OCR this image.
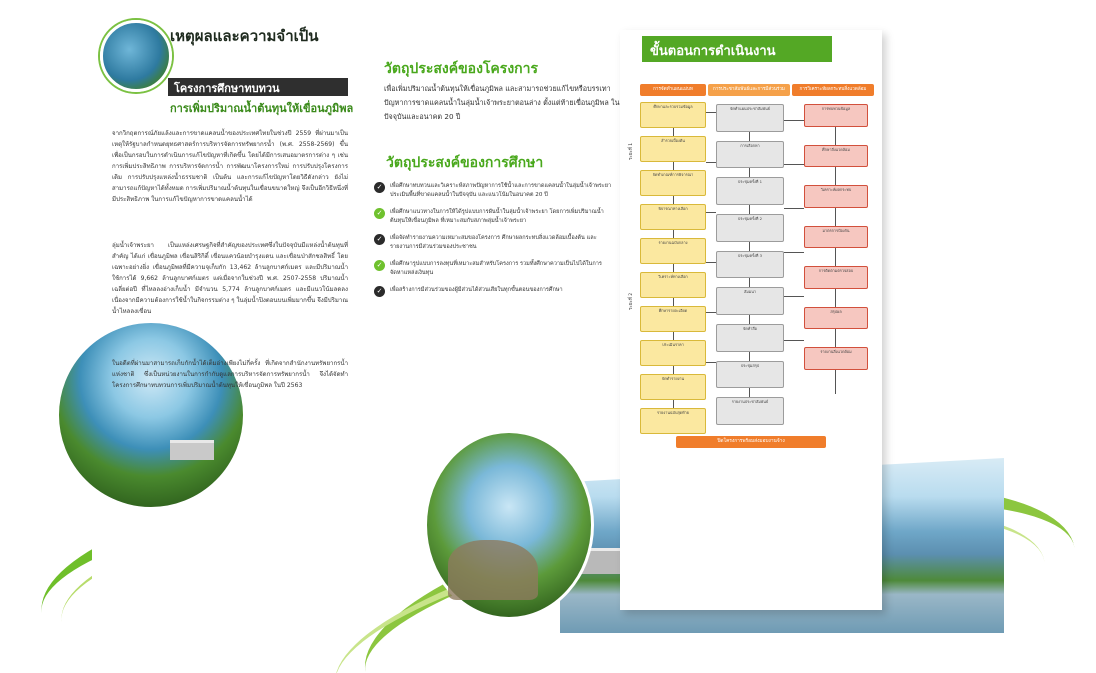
เหตุผลและความจำเป็น
โครงการศึกษาทบทวน
การเพิ่มปริมาณน้ำต้นทุนให้เขื่อนภูมิพล

จากวิกฤตการณ์ภัยแล้งและการขาดแคลนน้ำของประเทศไทยในช่วงปี 2559 ที่ผ่านมาเป็นเหตุให้รัฐบาลกำหนดยุทธศาสตร์การบริหารจัดการทรัพยากรน้ำ (พ.ศ. 2558-2569) ขึ้น เพื่อเป็นกรอบในการดำเนินการแก้ไขปัญหาที่เกิดขึ้น โดยได้มีการเสนอมาตรการต่าง ๆ เช่น การเพิ่มประสิทธิภาพ การบริหารจัดการน้ำ การพัฒนาโครงการใหม่ การปรับปรุงโครงการเดิม การปรับปรุงแหล่งน้ำธรรมชาติ เป็นต้น และการแก้ไขปัญหาโดยวิธีดังกล่าว ยังไม่สามารถแก้ปัญหาได้ทั้งหมด การเพิ่มปริมาณน้ำต้นทุนในเขื่อนขนาดใหญ่ จึงเป็นอีกวิธีหนึ่งที่มีประสิทธิภาพ ในการแก้ไขปัญหาการขาดแคลนน้ำได้

ลุ่มน้ำเจ้าพระยา เป็นแหล่งเศรษฐกิจที่สำคัญของประเทศซึ่งในปัจจุบันมีแหล่งน้ำต้นทุนที่สำคัญ ได้แก่ เขื่อนภูมิพล เขื่อนสิริกิติ์ เขื่อนแควน้อยบำรุงแดน และเขื่อนป่าสักชลสิทธิ์ โดยเฉพาะอย่างยิ่ง เขื่อนภูมิพลที่มีความจุเก็บกัก 13,462 ล้านลูกบาศก์เมตร และมีปริมาณน้ำใช้การได้ 9,662 ล้านลูกบาศก์เมตร แต่เมื่อจากในช่วงปี พ.ศ. 2507-2558 ปริมาณน้ำเฉลี่ยต่อปี ที่ไหลลงอ่างเก็บน้ำ มีจำนวน 5,774 ล้านลูกบาศก์เมตร และมีแนวโน้มลดลง เนื่องจากมีความต้องการใช้น้ำในกิจกรรมต่าง ๆ ในลุ่มน้ำปิงตอนบนเพิ่มมากขึ้น จึงมีปริมาณน้ำไหลลงเขื่อน

ในอดีตที่ผ่านมาสามารถเก็บกักน้ำได้เต็มอ่างเพียงไม่กี่ครั้ง ที่เกิดจากสำนักงานทรัพยากรน้ำแห่งชาติ ซึ่งเป็นหน่วยงานในการกำกับดูแลการบริหารจัดการทรัพยากรน้ำ จึงได้จัดทำโครงการศึกษาทบทวนการเพิ่มปริมาณน้ำต้นทุนให้เขื่อนภูมิพล ในปี 2563

วัตถุประสงค์ของโครงการ

เพื่อเพิ่มปริมาณน้ำต้นทุนให้เขื่อนภูมิพล และสามารถช่วยแก้ไขหรือบรรเทาปัญหาการขาดแคลนน้ำในลุ่มน้ำเจ้าพระยาตอนล่าง ตั้งแต่ท้ายเขื่อนภูมิพล ในปัจจุบันและอนาคต 20 ปี

วัตถุประสงค์ของการศึกษา
✓	เพื่อศึกษาทบทวนและวิเคราะห์สภาพปัญหาการใช้น้ำและการขาดแคลนน้ำในลุ่มน้ำเจ้าพระยา ประเมินพื้นที่ขาดแคลนน้ำในปัจจุบัน และแนวโน้มในอนาคต 20 ปี
✓	เพื่อศึกษาแนวทางในการให้ได้รูปแบบการผันน้ำในลุ่มน้ำเจ้าพระยา โดยการเพิ่มปริมาณน้ำต้นทุนให้เขื่อนภูมิพล ที่เหมาะสมกับสภาพลุ่มน้ำเจ้าพระยา
✓	เพื่อจัดทำรายงานความเหมาะสมของโครงการ ศึกษาผลกระทบสิ่งแวดล้อมเบื้องต้น และรายงานการมีส่วนร่วมของประชาชน
✓	เพื่อศึกษารูปแบบการลงทุนที่เหมาะสมสำหรับโครงการ รวมทั้งศึกษาความเป็นไปได้ในการจัดหาแหล่งเงินทุน
✓	เพื่อสร้างการมีส่วนร่วมของผู้มีส่วนได้ส่วนเสียในทุกขั้นตอนของการศึกษา
ขั้นตอนการดำเนินงาน
การจัดทำแผนแม่บท	การประชาสัมพันธ์และการมีส่วนร่วม	การวิเคราะห์ผลกระทบสิ่งแวดล้อม
ระยะที่ 1
ระยะที่ 2
ศึกษาและรวบรวมข้อมูล
สำรวจเบื้องต้น
จัดทำเกณฑ์การพิจารณา
พิจารณาทางเลือก
รายงานฉบับกลาง
วิเคราะห์ทางเลือก
ศึกษารายละเอียด
ประเมินราคา
จัดทำรายงาน
รายงานฉบับสุดท้าย
จัดทำแผนประชาสัมพันธ์
การเลือกหา
ประชุมครั้งที่ 1
ประชุมครั้งที่ 2
ประชุมครั้งที่ 3
สัมมนา
จัดทำสื่อ
ประชุมสรุป
รายงานประชาสัมพันธ์
การทบทวนข้อมูล
ศึกษาสิ่งแวดล้อม
วิเคราะห์ผลกระทบ
มาตรการป้องกัน
การติดตามตรวจสอบ
สรุปผล
รายงานสิ่งแวดล้อม
ปิดโครงการพร้อมส่งมอบงานจ้าง
